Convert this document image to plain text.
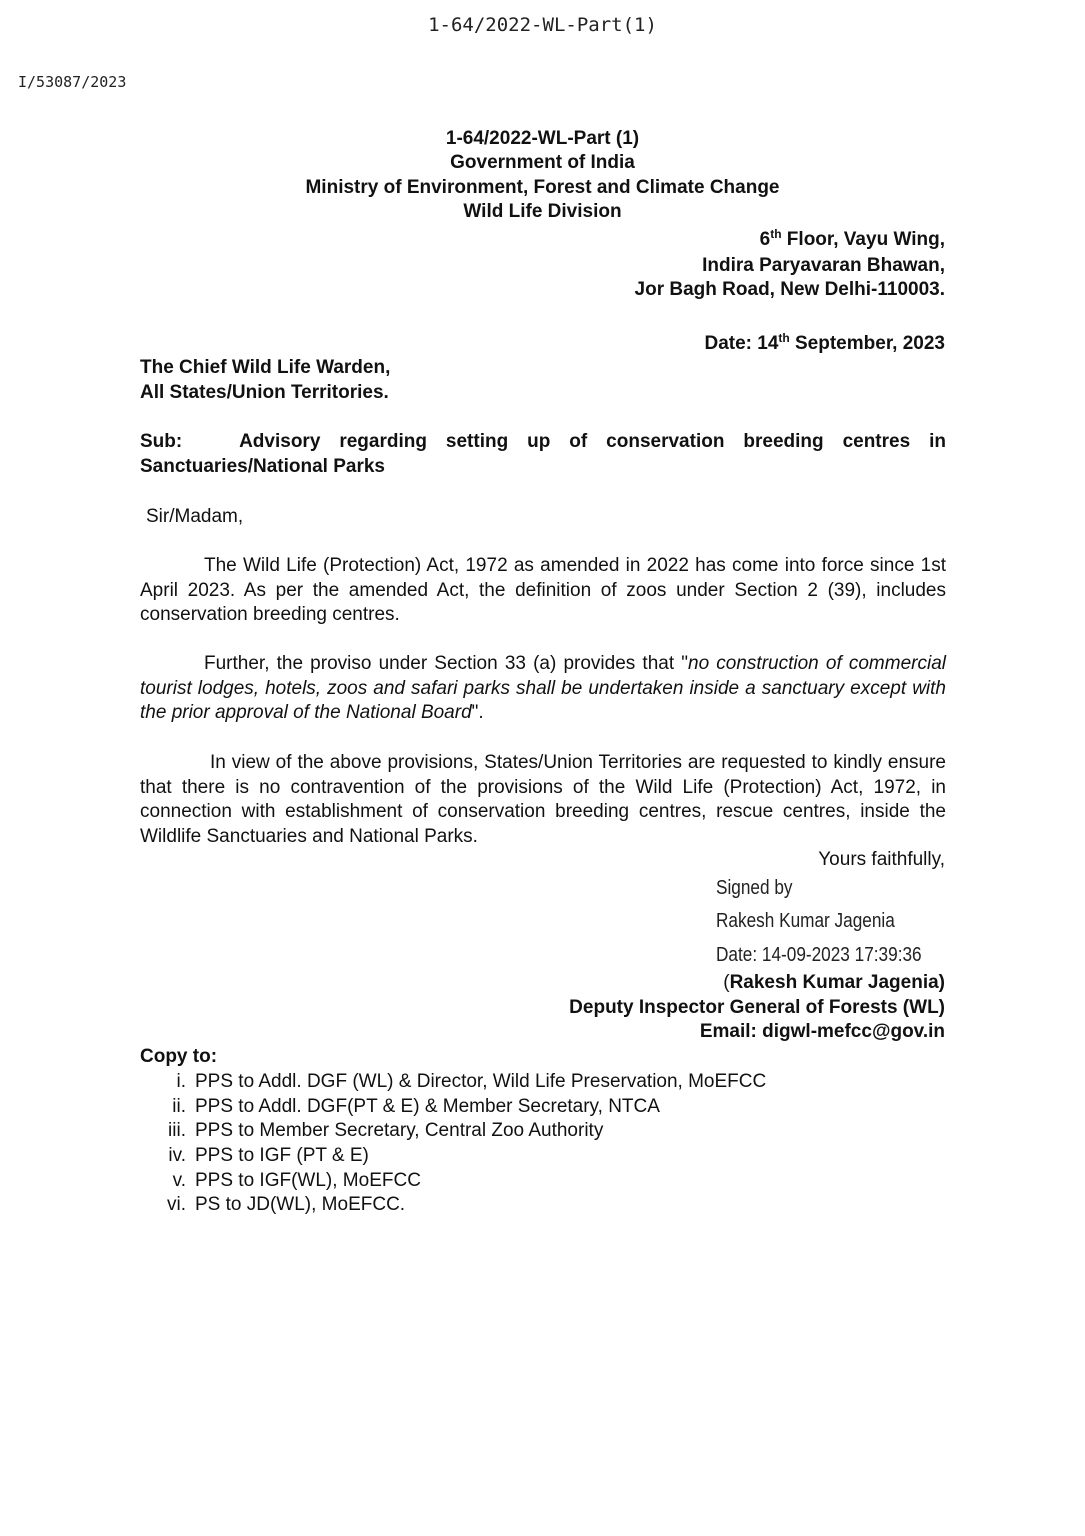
1-64/2022-WL-Part(1)
I/53087/2023
1-64/2022-WL-Part (1)
Government of India
Ministry of Environment, Forest and Climate Change
Wild Life Division
6th Floor, Vayu Wing,
Indira Paryavaran Bhawan,
Jor Bagh Road, New Delhi-110003.
Date: 14th September, 2023
The Chief Wild Life Warden,
All States/Union Territories.
Sub:	Advisory regarding setting up of conservation breeding centres in Sanctuaries/National Parks
Sir/Madam,
The Wild Life (Protection) Act, 1972 as amended in 2022 has come into force since 1st April 2023. As per the amended Act, the definition of zoos under Section 2 (39), includes conservation breeding centres.
Further, the proviso under Section 33 (a) provides that "no construction of commercial tourist lodges, hotels, zoos and safari parks shall be undertaken inside a sanctuary except with the prior approval of the National Board".
In view of the above provisions, States/Union Territories are requested to kindly ensure that there is no contravention of the provisions of the Wild Life (Protection) Act, 1972, in connection with establishment of conservation breeding centres, rescue centres, inside the Wildlife Sanctuaries and National Parks.
Yours faithfully,
Signed by
Rakesh Kumar Jagenia
Date: 14-09-2023 17:39:36
(Rakesh Kumar Jagenia)
Deputy Inspector General of Forests (WL)
Email: digwl-mefcc@gov.in
Copy to:
i. PPS to Addl. DGF (WL) & Director, Wild Life Preservation, MoEFCC
ii. PPS to Addl. DGF(PT & E) & Member Secretary, NTCA
iii. PPS to Member Secretary, Central Zoo Authority
iv. PPS to IGF (PT & E)
v. PPS to IGF(WL), MoEFCC
vi. PS to JD(WL), MoEFCC.
